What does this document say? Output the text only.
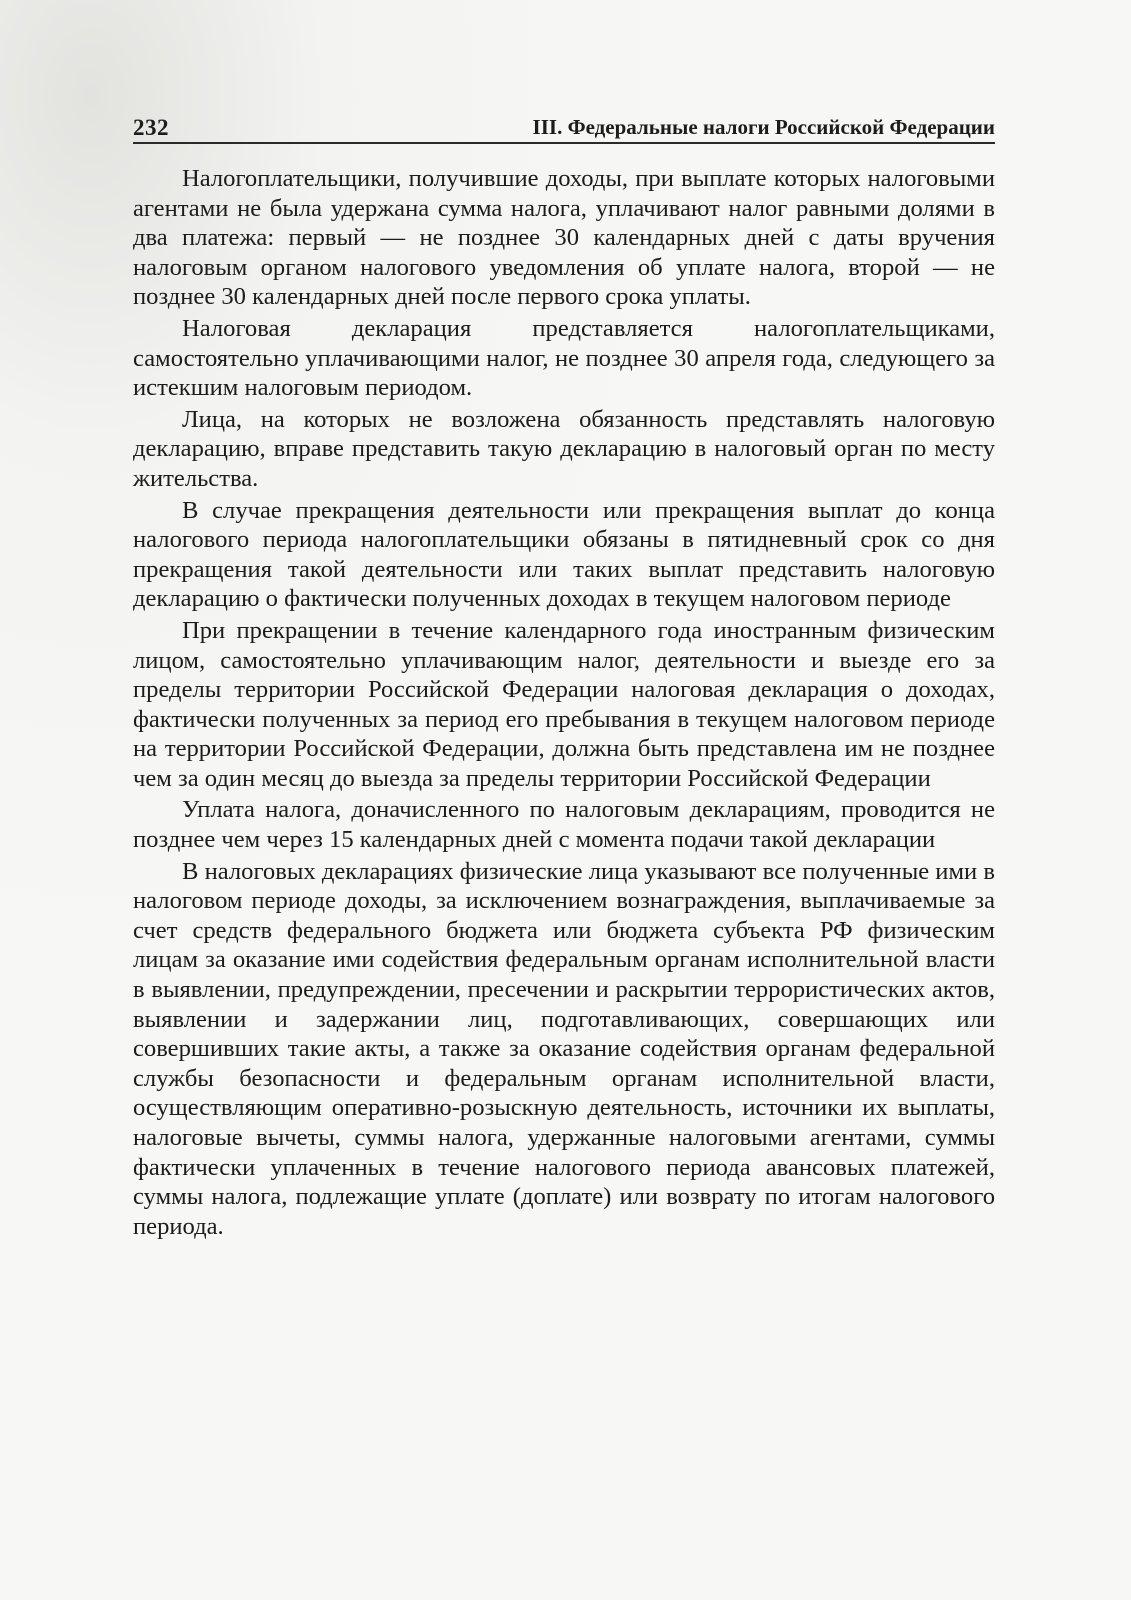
232	III. Федеральные налоги Российской Федерации

Налогоплательщики, получившие доходы, при выплате которых налоговыми агентами не была удержана сумма налога, уплачивают налог равными долями в два платежа: первый — не позднее 30 календарных дней с даты вручения налоговым органом налогового уведомления об уплате налога, второй — не позднее 30 календарных дней после первого срока уплаты.

Налоговая декларация представляется налогоплательщиками, самостоятельно уплачивающими налог, не позднее 30 апреля года, следующего за истекшим налоговым периодом.

Лица, на которых не возложена обязанность представлять налоговую декларацию, вправе представить такую декларацию в налоговый орган по месту жительства.

В случае прекращения деятельности или прекращения выплат до конца налогового периода налогоплательщики обязаны в пятидневный срок со дня прекращения такой деятельности или таких выплат представить налоговую декларацию о фактически полученных доходах в текущем налоговом периоде

При прекращении в течение календарного года иностранным физическим лицом, самостоятельно уплачивающим налог, деятельности и выезде его за пределы территории Российской Федерации налоговая декларация о доходах, фактически полученных за период его пребывания в текущем налоговом периоде на территории Российской Федерации, должна быть представлена им не позднее чем за один месяц до выезда за пределы территории Российской Федерации

Уплата налога, доначисленного по налоговым декларациям, проводится не позднее чем через 15 календарных дней с момента подачи такой декларации

В налоговых декларациях физические лица указывают все полученные ими в налоговом периоде доходы, за исключением вознаграждения, выплачиваемые за счет средств федерального бюджета или бюджета субъекта РФ физическим лицам за оказание ими содействия федеральным органам исполнительной власти в выявлении, предупреждении, пресечении и раскрытии террористических актов, выявлении и задержании лиц, подготавливающих, совершающих или совершивших такие акты, а также за оказание содействия органам федеральной службы безопасности и федеральным органам исполнительной власти, осуществляющим оперативно-розыскную деятельность, источники их выплаты, налоговые вычеты, суммы налога, удержанные налоговыми агентами, суммы фактически уплаченных в течение налогового периода авансовых платежей, суммы налога, подлежащие уплате (доплате) или возврату по итогам налогового периода.
